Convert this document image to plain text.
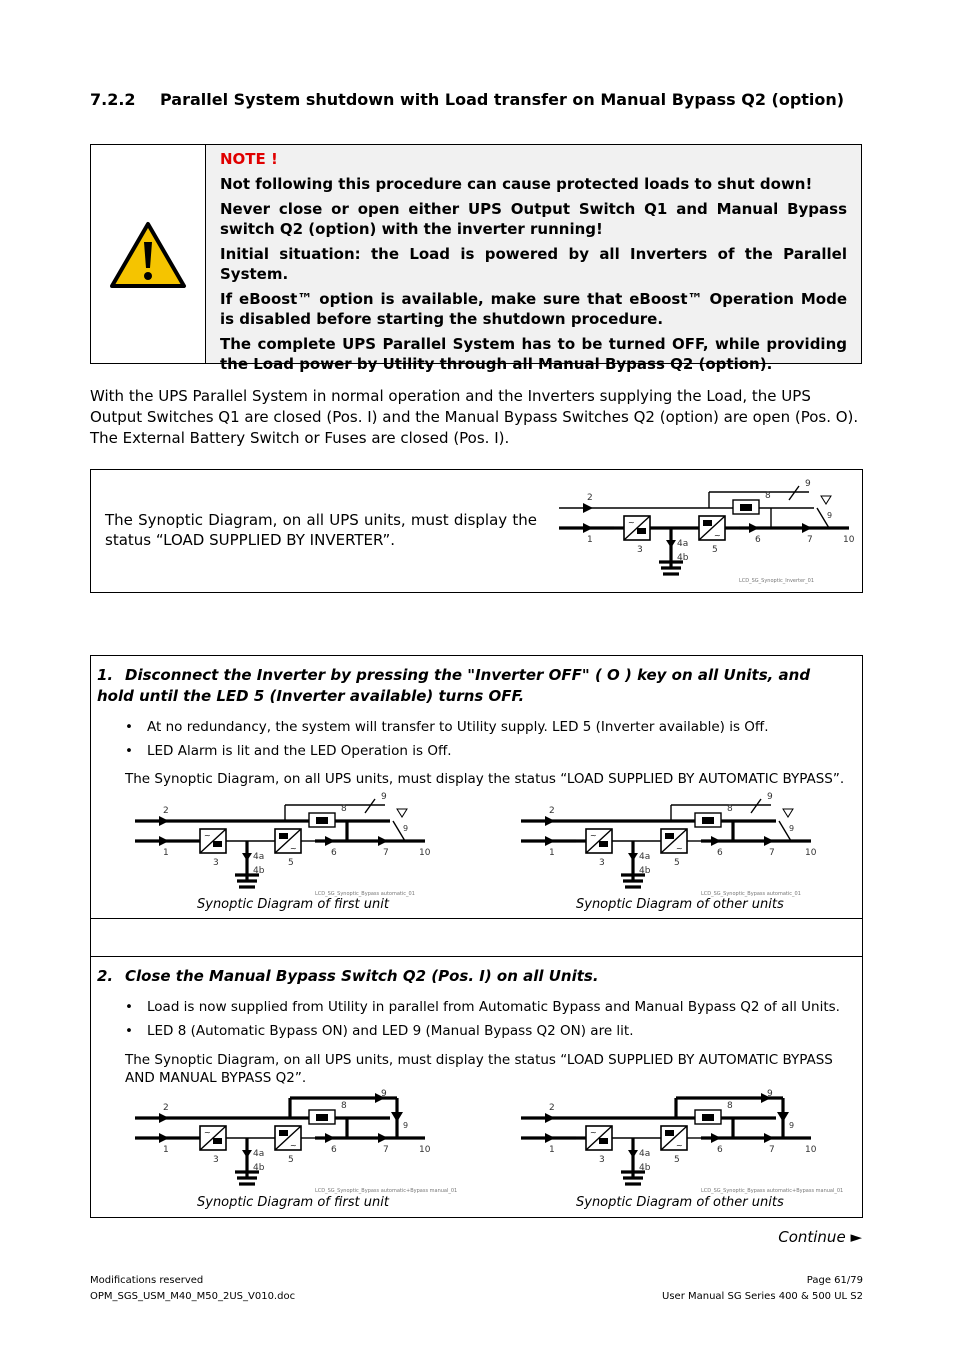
7.2.2 Parallel System shutdown with Load transfer on Manual Bypass Q2 (option)

NOTE !

Not following this procedure can cause protected loads to shut down!

Never close or open either UPS Output Switch Q1 and Manual Bypass switch Q2 (option) with the inverter running!

Initial situation: the Load is powered by all Inverters of the Parallel System.

If eBoost™ option is available, make sure that eBoost™ Operation Mode is disabled before starting the shutdown procedure.

The complete UPS Parallel System has to be turned OFF, while providing the Load power by Utility through all Manual Bypass Q2 (option).

With the UPS Parallel System in normal operation and the Inverters supplying the Load, the UPS Output Switches Q1 are closed (Pos. I) and the Manual Bypass Switches Q2 (option) are open (Pos. O).

The External Battery Switch or Fuses are closed (Pos. I).

The Synoptic Diagram, on all UPS units, must display the status “LOAD SUPPLIED BY INVERTER”.
~
~
2
1
3
4a
4b
5
6	7
8
9
9
10
LCD_SG_Synoptic_Inverter_01
1. Disconnect the Inverter by pressing the "Inverter OFF" ( O ) key on all Units, and hold until the LED 5 (Inverter available) turns OFF.
• At no redundancy, the system will transfer to Utility supply. LED 5 (Inverter available) is Off.
• LED Alarm is lit and the LED Operation is Off.
The Synoptic Diagram, on all UPS units, must display the status “LOAD SUPPLIED BY AUTOMATIC BYPASS”.
~
~
2
1
3
4a
4b
5
6	7
8
9
9
10
LCD_SG_Synoptic_Bypass automatic_01
~
~
2
1
3
4a
4b
5
6	7
8
9
9
10
LCD_SG_Synoptic_Bypass automatic_01
Synoptic Diagram of first unit	Synoptic Diagram of other units
2. Close the Manual Bypass Switch Q2 (Pos. I) on all Units.
• Load is now supplied from Utility in parallel from Automatic Bypass and Manual Bypass Q2 of all Units.
• LED 8 (Automatic Bypass ON) and LED 9 (Manual Bypass Q2 ON) are lit.
The Synoptic Diagram, on all UPS units, must display the status “LOAD SUPPLIED BY AUTOMATIC BYPASS AND MANUAL BYPASS Q2”.
~
~
2
1
3
4a
4b
5
6	7
8
9
9
10
LCD_SG_Synoptic_Bypass automatic+Bypass manual_01
~
~
2
1
3
4a
4b
5
6	7
8
9
9
10
LCD_SG_Synoptic_Bypass automatic+Bypass manual_01
Synoptic Diagram of first unit	Synoptic Diagram of other units
Continue ►
Modifications reserved
OPM_SGS_USM_M40_M50_2US_V010.doc
Page 61/79
User Manual SG Series 400 & 500 UL S2
